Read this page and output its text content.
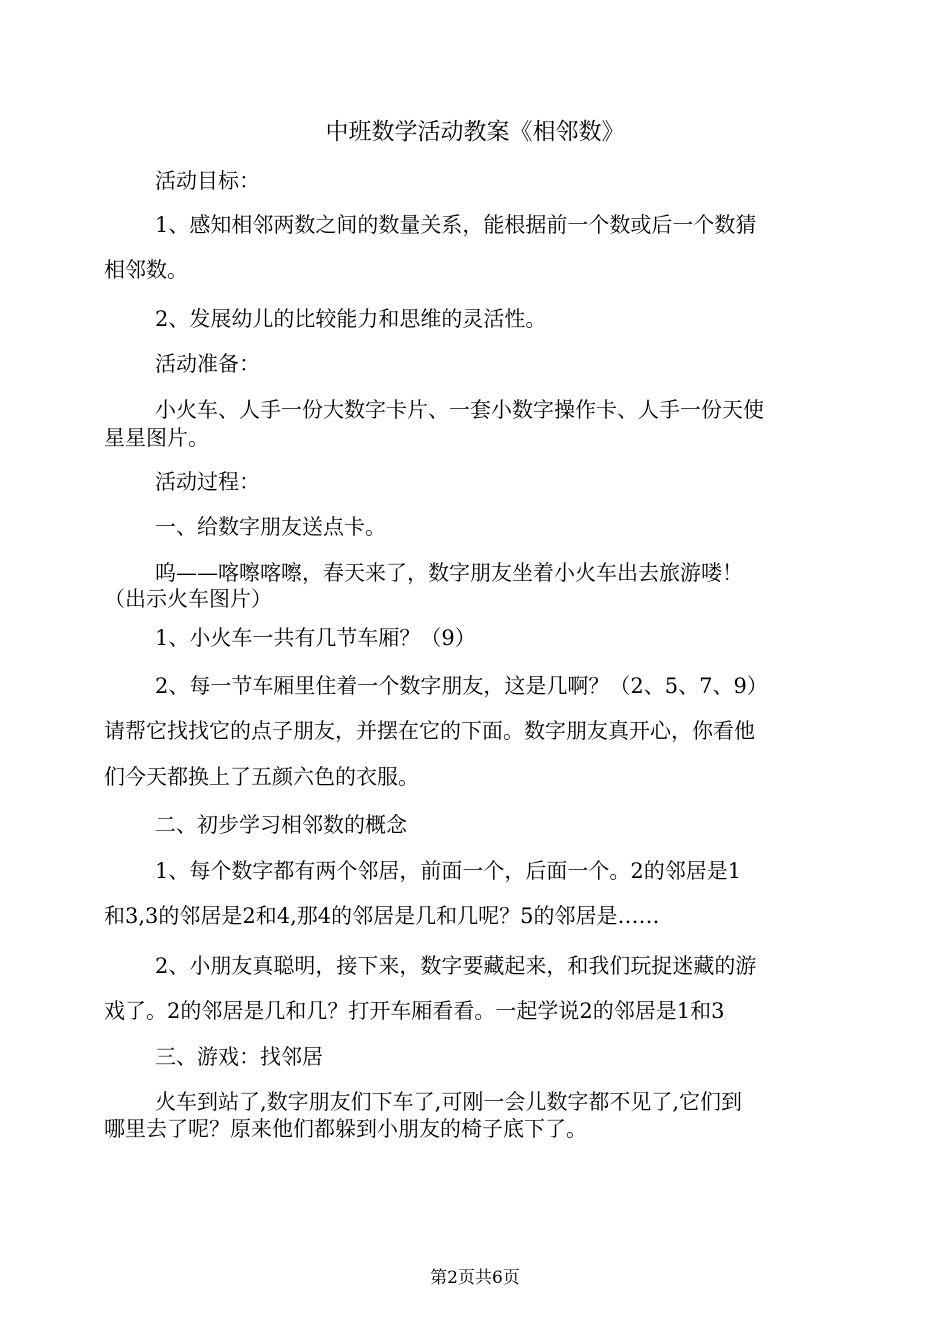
中班数学活动教案《相邻数》
活动目标：
1、感知相邻两数之间的数量关系，能根据前一个数或后一个数猜
相邻数。
2、发展幼儿的比较能力和思维的灵活性。
活动准备：
小火车、人手一份大数字卡片、一套小数字操作卡、人手一份天使
星星图片。
活动过程：
一、给数字朋友送点卡。
呜——喀嚓喀嚓，春天来了，数字朋友坐着小火车出去旅游喽！
（出示火车图片）
1、小火车一共有几节车厢？（9）
2、每一节车厢里住着一个数字朋友，这是几啊？（2、5、7、9）
请帮它找找它的点子朋友，并摆在它的下面。数字朋友真开心，你看他
们今天都换上了五颜六色的衣服。
二、初步学习相邻数的概念
1、每个数字都有两个邻居，前面一个，后面一个。2的邻居是1
和3,3的邻居是2和4,那4的邻居是几和几呢？5的邻居是……
2、小朋友真聪明，接下来，数字要藏起来，和我们玩捉迷藏的游
戏了。2的邻居是几和几？打开车厢看看。一起学说2的邻居是1和3
三、游戏：找邻居
火车到站了,数字朋友们下车了,可刚一会儿数字都不见了,它们到
哪里去了呢？原来他们都躲到小朋友的椅子底下了。
第2页共6页
